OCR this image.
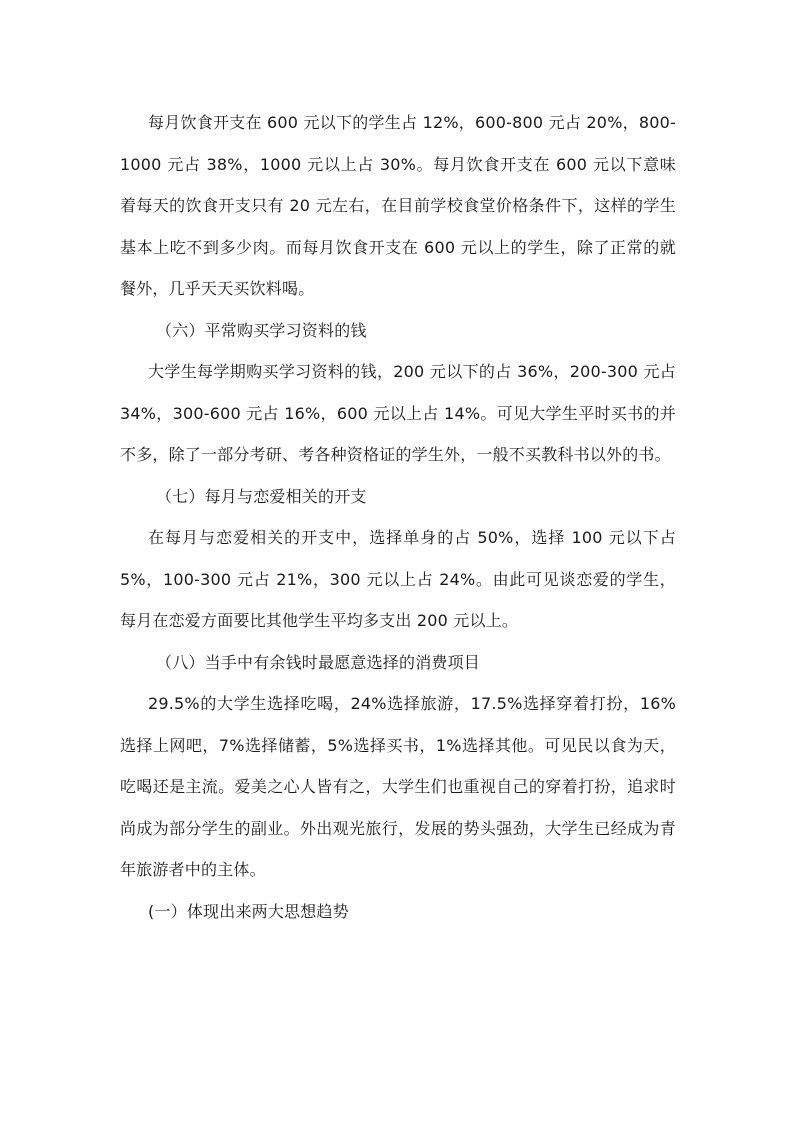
每月饮食开支在 600 元以下的学生占 12%，600-800 元占 20%，800-1000 元占 38%，1000 元以上占 30%。每月饮食开支在 600 元以下意味着每天的饮食开支只有 20 元左右，在目前学校食堂价格条件下，这样的学生基本上吃不到多少肉。而每月饮食开支在 600 元以上的学生，除了正常的就餐外，几乎天天买饮料喝。

（六）平常购买学习资料的钱

大学生每学期购买学习资料的钱，200 元以下的占 36%，200-300 元占 34%，300-600 元占 16%，600 元以上占 14%。可见大学生平时买书的并不多，除了一部分考研、考各种资格证的学生外，一般不买教科书以外的书。

（七）每月与恋爱相关的开支

在每月与恋爱相关的开支中，选择单身的占 50%，选择 100 元以下占 5%，100-300 元占 21%，300 元以上占 24%。由此可见谈恋爱的学生，每月在恋爱方面要比其他学生平均多支出 200 元以上。

（八）当手中有余钱时最愿意选择的消费项目

29.5%的大学生选择吃喝，24%选择旅游，17.5%选择穿着打扮，16%选择上网吧，7%选择储蓄，5%选择买书，1%选择其他。可见民以食为天，吃喝还是主流。爱美之心人皆有之，大学生们也重视自己的穿着打扮，追求时尚成为部分学生的副业。外出观光旅行，发展的势头强劲，大学生已经成为青年旅游者中的主体。

(一）体现出来两大思想趋势
